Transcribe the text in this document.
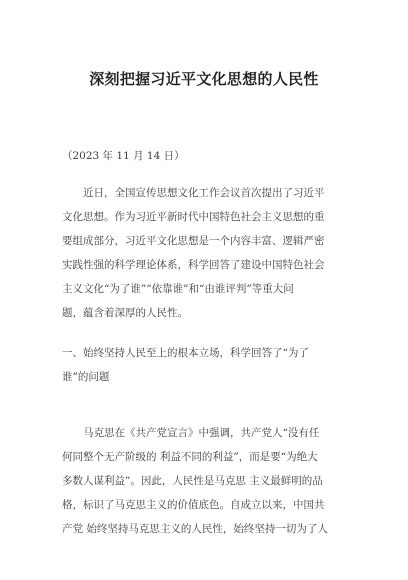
深刻把握习近平文化思想的人民性
（2023 年 11 月 14 日）
　　近日，全国宣传思想文化工作会议首次提出了习近平
文化思想。作为习近平新时代中国特色社会主义思想的重
要组成部分，习近平文化思想是一个内容丰富、逻辑严密
实践性强的科学理论体系，科学回答了建设中国特色社会
主义文化“为了谁”“依靠谁”和“由谁评判”等重大问
题，蕴含着深厚的人民性。
一、始终坚持人民至上的根本立场，科学回答了“为了
谁”的问题
　　马克思在《共产党宣言》中强调，共产党人“没有任
何同整个无产阶级的 利益不同的利益”，而是要“为绝大
多数人谋利益”。因此，人民性是马克思 主义最鲜明的品
格，标识了马克思主义的价值底色。自成立以来，中国共
产党 始终坚持马克思主义的人民性，始终坚持一切为了人
